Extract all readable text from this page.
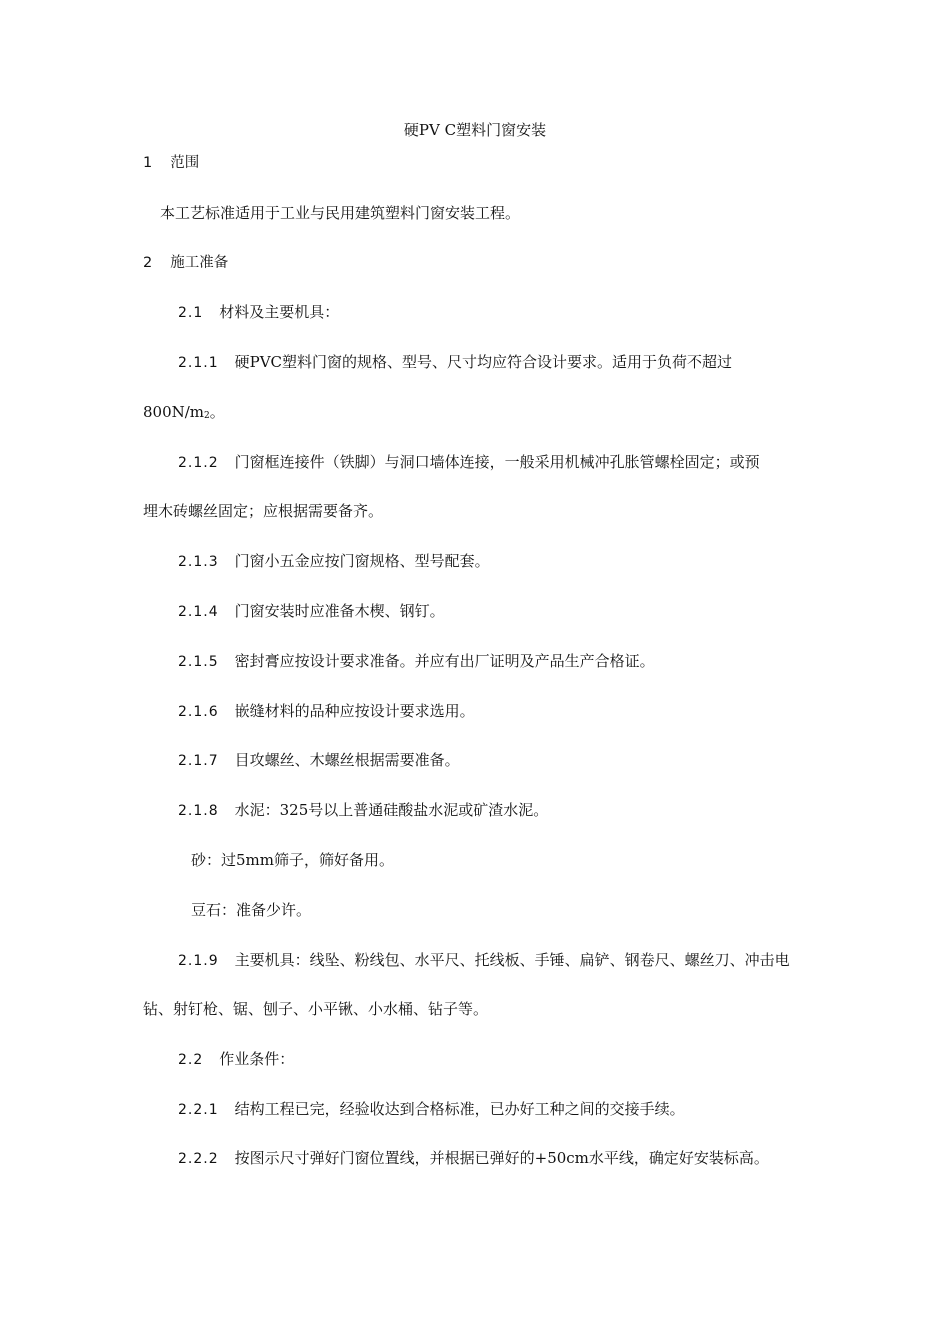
硬PV C塑料门窗安装
1 范围
本工艺标准适用于工业与民用建筑塑料门窗安装工程。
2 施工准备
2.1 材料及主要机具：
2.1.1 硬PVC塑料门窗的规格、型号、尺寸均应符合设计要求。适用于负荷不超过
$800N/m_2$。
2.1.2 门窗框连接件（铁脚）与洞口墙体连接，一般采用机械冲孔胀管螺栓固定；或预
埋木砖螺丝固定；应根据需要备齐。
2.1.3 门窗小五金应按门窗规格、型号配套。
2.1.4 门窗安装时应准备木楔、钢钉。
2.1.5 密封膏应按设计要求准备。并应有出厂证明及产品生产合格证。
2.1.6 嵌缝材料的品种应按设计要求选用。
2.1.7 目攻螺丝、木螺丝根据需要准备。
2.1.8 水泥：325号以上普通硅酸盐水泥或矿渣水泥。
砂：过5mm筛子，筛好备用。
豆石：准备少许。
2.1.9 主要机具：线坠、粉线包、水平尺、托线板、手锤、扁铲、钢卷尺、螺丝刀、冲击电
钻、射钉枪、锯、刨子、小平锹、小水桶、钻子等。
2.2 作业条件：
2.2.1 结构工程已完，经验收达到合格标准，已办好工种之间的交接手续。
2.2.2 按图示尺寸弹好门窗位置线，并根据已弹好的+50cm水平线，确定好安装标高。
